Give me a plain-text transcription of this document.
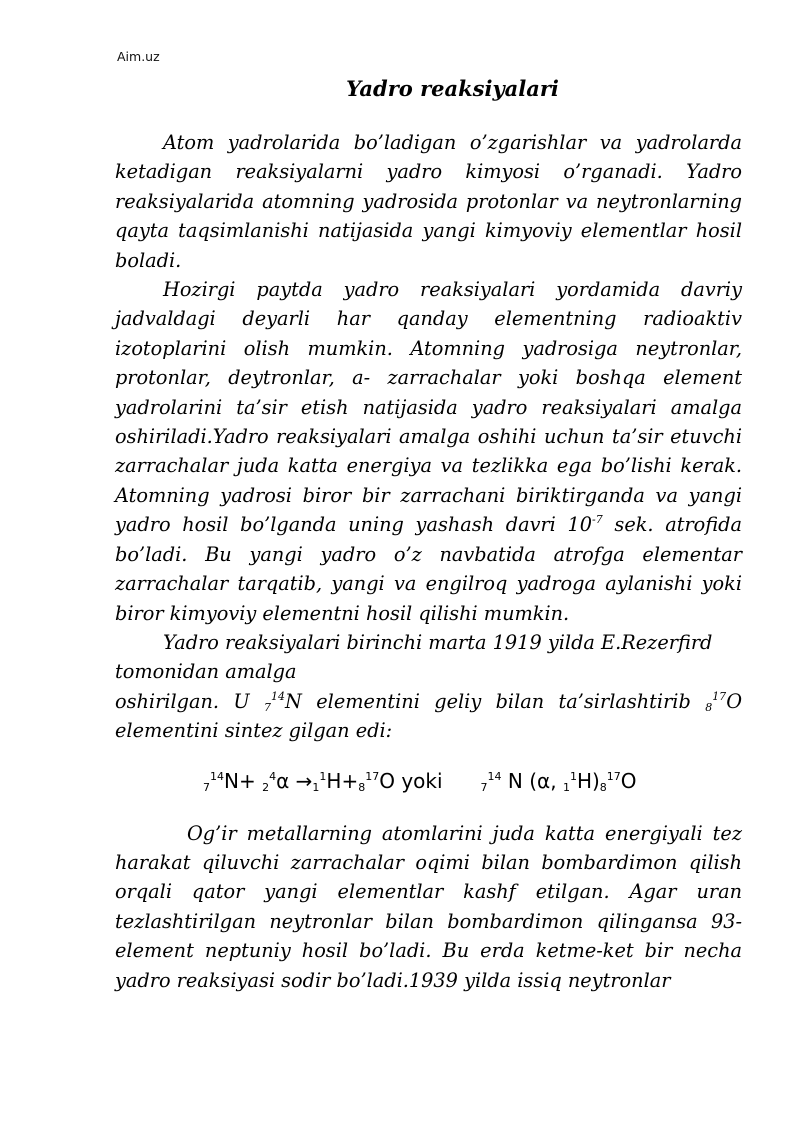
Aim.uz
Yadro reaksiyalari

Atom yadrolarida bo’ladigan o’zgarishlar va yadrolarda ketadigan reaksiyalarni yadro kimyosi o’rganadi. Yadro reaksiyalarida atomning yadrosida protonlar va neytronlarning qayta taqsimlanishi natijasida yangi kimyoviy elementlar hosil boladi.

Hozirgi paytda yadro reaksiyalari yordamida davriy jadvaldagi deyarli har qanday elementning radioaktiv izotoplarini olish mumkin. Atomning yadrosiga neytronlar, protonlar, deytronlar, a- zarrachalar yoki boshqa element yadrolarini ta’sir etish natijasida yadro reaksiyalari amalga oshiriladi.Yadro reaksiyalari amalga oshihi uchun ta’sir etuvchi zarrachalar juda katta energiya va tezlikka ega bo’lishi kerak. Atomning yadrosi biror bir zarrachani biriktirganda va yangi yadro hosil bo’lganda uning yashash davri $10^{-7}$ sek. atrofida bo’ladi. Bu yangi yadro o’z navbatida atrofga elementar zarrachalar tarqatib, yangi va engilroq yadroga aylanishi yoki biror kimyoviy elementni hosil qilishi mumkin.

Yadro reaksiyalari birinchi marta 1919 yilda E.Rezerfird tomonidan amalga

oshirilgan. U $_7^{14}$N elementini geliy bilan ta’sirlashtirib $_8^{17}$O elementini sintez gilgan edi:

$_7^{14}N+ _2^4\alpha \to_1^1H+_8^{17}O$ yoki	$_7^{14}$ N (α, $_1^1H)_8^{17}O$

Og’ir metallarning atomlarini juda katta energiyali tez harakat qiluvchi zarrachalar oqimi bilan bombardimon qilish orqali qator yangi elementlar kashf etilgan. Agar uran tezlashtirilgan neytronlar bilan bombardimon qilingansa 93-element neptuniy hosil bo’ladi. Bu erda ketme-ket bir necha yadro reaksiyasi sodir bo’ladi.1939 yilda issiq neytronlar
